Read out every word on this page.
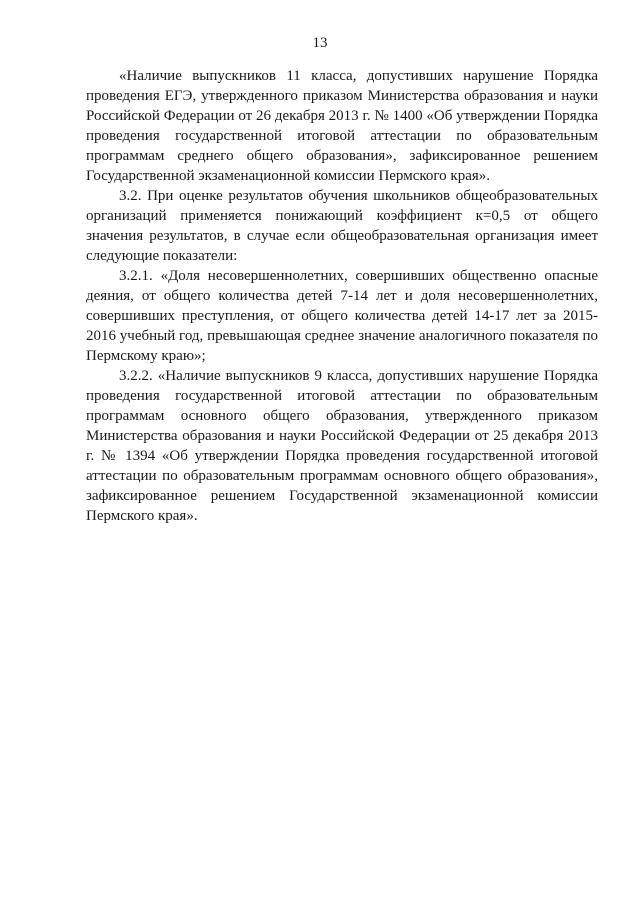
13

«Наличие выпускников 11 класса, допустивших нарушение Порядка проведения ЕГЭ, утвержденного приказом Министерства образования и науки Российской Федерации от 26 декабря 2013 г. № 1400 «Об утверждении Порядка проведения государственной итоговой аттестации по образовательным программам среднего общего образования», зафиксированное решением Государственной экзаменационной комиссии Пермского края».

3.2. При оценке результатов обучения школьников общеобразовательных организаций применяется понижающий коэффициент к=0,5 от общего значения результатов, в случае если общеобразовательная организация имеет следующие показатели:

3.2.1. «Доля несовершеннолетних, совершивших общественно опасные деяния, от общего количества детей 7-14 лет и доля несовершеннолетних, совершивших преступления, от общего количества детей 14-17 лет за 2015-2016 учебный год, превышающая среднее значение аналогичного показателя по Пермскому краю»;

3.2.2. «Наличие выпускников 9 класса, допустивших нарушение Порядка проведения государственной итоговой аттестации по образовательным программам основного общего образования, утвержденного приказом Министерства образования и науки Российской Федерации от 25 декабря 2013 г. № 1394 «Об утверждении Порядка проведения государственной итоговой аттестации по образовательным программам основного общего образования», зафиксированное решением Государственной экзаменационной комиссии Пермского края».
